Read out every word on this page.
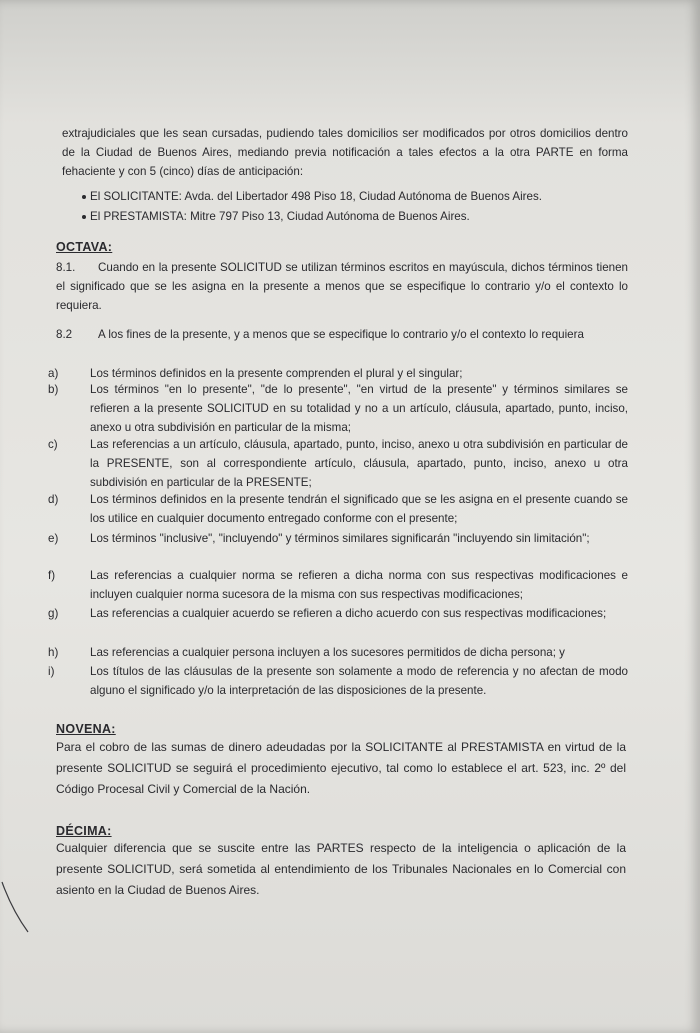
extrajudiciales que les sean cursadas, pudiendo tales domicilios ser modificados por otros domicilios dentro de la Ciudad de Buenos Aires, mediando previa notificación a tales efectos a la otra PARTE en forma fehaciente y con 5 (cinco) días de anticipación:

El SOLICITANTE: Avda. del Libertador 498 Piso 18, Ciudad Autónoma de Buenos Aires.
El PRESTAMISTA: Mitre 797 Piso 13, Ciudad Autónoma de Buenos Aires.
OCTAVA:

8.1. Cuando en la presente SOLICITUD se utilizan términos escritos en mayúscula, dichos términos tienen el significado que se les asigna en la presente a menos que se especifique lo contrario y/o el contexto lo requiera.

8.2 A los fines de la presente, y a menos que se especifique lo contrario y/o el contexto lo requiera

a)	Los términos definidos en la presente comprenden el plural y el singular;

b)	Los términos "en lo presente", "de lo presente", "en virtud de la presente" y términos similares se refieren a la presente SOLICITUD en su totalidad y no a un artículo, cláusula, apartado, punto, inciso, anexo u otra subdivisión en particular de la misma;

c)	Las referencias a un artículo, cláusula, apartado, punto, inciso, anexo u otra subdivisión en particular de la PRESENTE, son al correspondiente artículo, cláusula, apartado, punto, inciso, anexo u otra subdivisión en particular de la PRESENTE;

d)	Los términos definidos en la presente tendrán el significado que se les asigna en el presente cuando se los utilice en cualquier documento entregado conforme con el presente;

e)	Los términos "inclusive", "incluyendo" y términos similares significarán "incluyendo sin limitación";

f)	Las referencias a cualquier norma se refieren a dicha norma con sus respectivas modificaciones e incluyen cualquier norma sucesora de la misma con sus respectivas modificaciones;

g)	Las referencias a cualquier acuerdo se refieren a dicho acuerdo con sus respectivas modificaciones;

h)	Las referencias a cualquier persona incluyen a los sucesores permitidos de dicha persona; y

i)	Los títulos de las cláusulas de la presente son solamente a modo de referencia y no afectan de modo alguno el significado y/o la interpretación de las disposiciones de la presente.

NOVENA:

Para el cobro de las sumas de dinero adeudadas por la SOLICITANTE al PRESTAMISTA en virtud de la presente SOLICITUD se seguirá el procedimiento ejecutivo, tal como lo establece el art. 523, inc. 2º del Código Procesal Civil y Comercial de la Nación.

DÉCIMA:

Cualquier diferencia que se suscite entre las PARTES respecto de la inteligencia o aplicación de la presente SOLICITUD, será sometida al entendimiento de los Tribunales Nacionales en lo Comercial con asiento en la Ciudad de Buenos Aires.
